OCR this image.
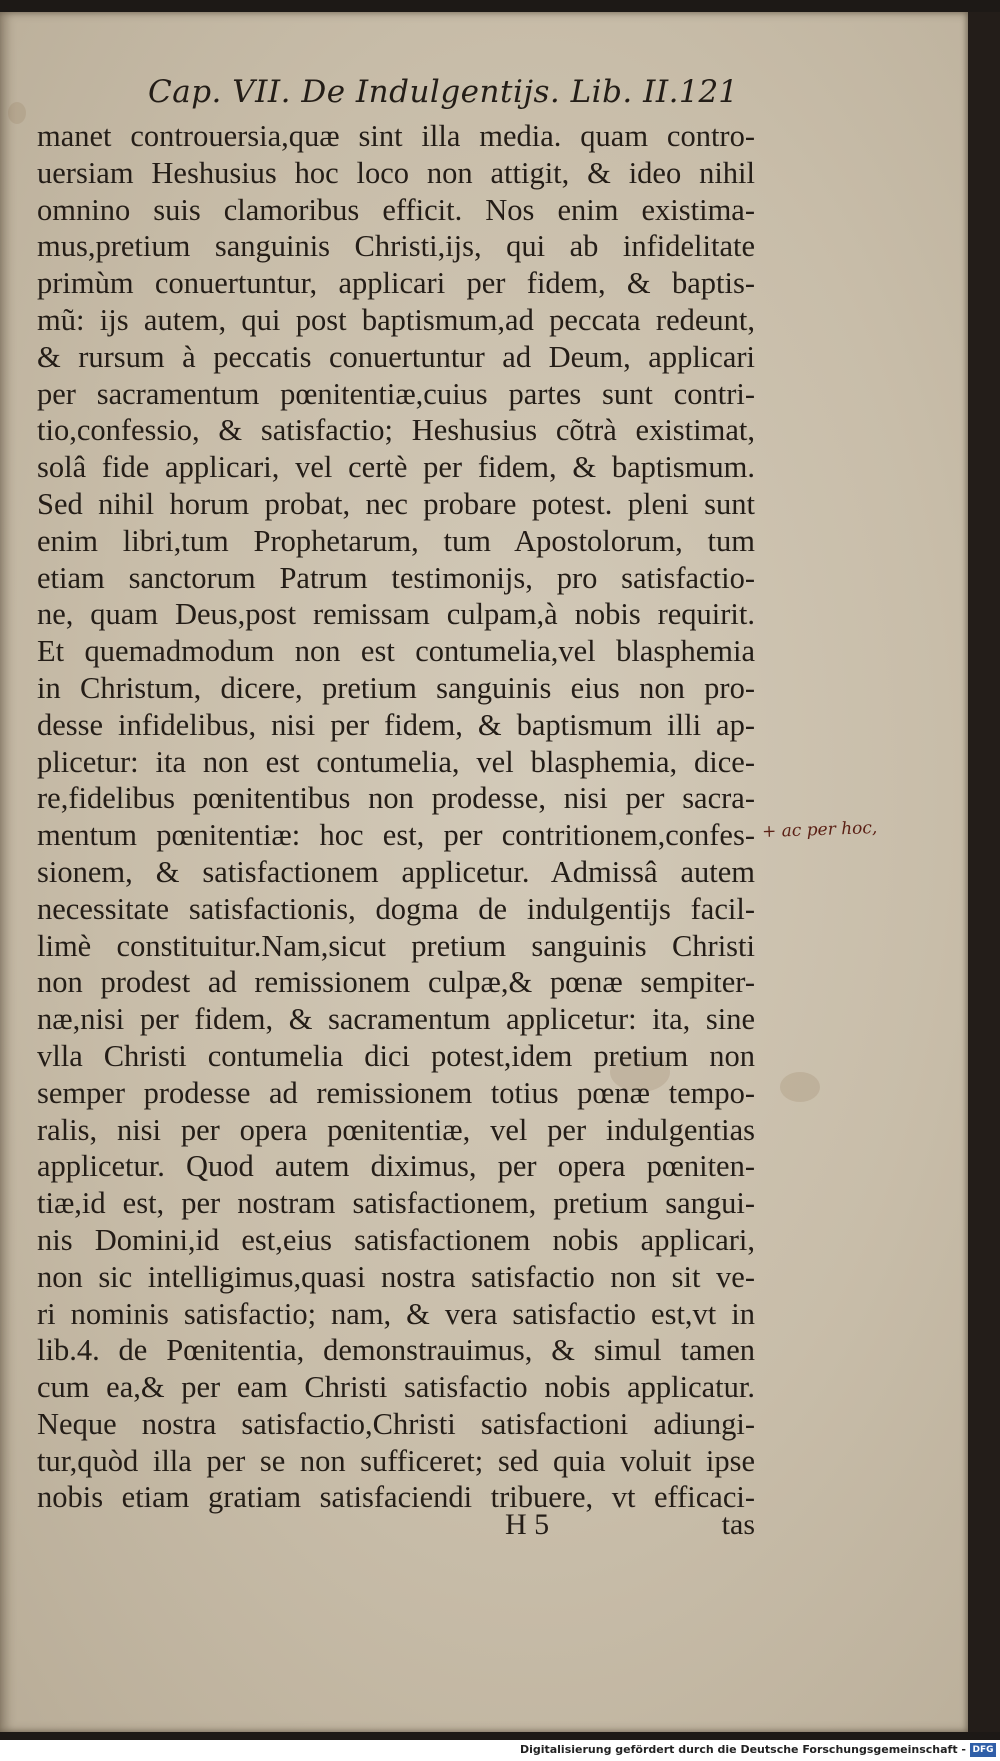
Cap. VII. De Indulgentijs. Lib. II. 121
manet controuersia,quæ sint illa media. quam contro-
uersiam Heshusius hoc loco non attigit, & ideo nihil
omnino suis clamoribus efficit. Nos enim existima-
mus,pretium sanguinis Christi,ijs, qui ab infidelitate
primùm conuertuntur, applicari per fidem, & baptis-
mũ: ijs autem, qui post baptismum,ad peccata redeunt,
& rursum à peccatis conuertuntur ad Deum, applicari
per sacramentum pœnitentiæ,cuius partes sunt contri-
tio,confessio, & satisfactio; Heshusius cõtrà existimat,
solâ fide applicari, vel certè per fidem, & baptismum.
Sed nihil horum probat, nec probare potest. pleni sunt
enim libri,tum Prophetarum, tum Apostolorum, tum
etiam sanctorum Patrum testimonijs, pro satisfactio-
ne, quam Deus,post remissam culpam,à nobis requirit.
Et quemadmodum non est contumelia,vel blasphemia
in Christum, dicere, pretium sanguinis eius non pro-
desse infidelibus, nisi per fidem, & baptismum illi ap-
plicetur: ita non est contumelia, vel blasphemia, dice-
re,fidelibus pœnitentibus non prodesse, nisi per sacra-
mentum pœnitentiæ: hoc est, per contritionem,confes-
sionem, & satisfactionem applicetur. Admissâ autem
necessitate satisfactionis, dogma de indulgentijs facil-
limè constituitur.Nam,sicut pretium sanguinis Christi
non prodest ad remissionem culpæ,& pœnæ sempiter-
næ,nisi per fidem, & sacramentum applicetur: ita, sine
vlla Christi contumelia dici potest,idem pretium non
semper prodesse ad remissionem totius pœnæ tempo-
ralis, nisi per opera pœnitentiæ, vel per indulgentias
applicetur. Quod autem diximus, per opera pœniten-
tiæ,id est, per nostram satisfactionem, pretium sangui-
nis Domini,id est,eius satisfactionem nobis applicari,
non sic intelligimus,quasi nostra satisfactio non sit ve-
ri nominis satisfactio; nam, & vera satisfactio est,vt in
lib.4. de Pœnitentia, demonstrauimus, & simul tamen
cum ea,& per eam Christi satisfactio nobis applicatur.
Neque nostra satisfactio,Christi satisfactioni adiungi-
tur,quòd illa per se non sufficeret; sed quia voluit ipse
nobis etiam gratiam satisfaciendi tribuere, vt efficaci-
H 5	tas
+ ac per hoc,
Digitalisierung gefördert durch die Deutsche Forschungsgemeinschaft - DFG
